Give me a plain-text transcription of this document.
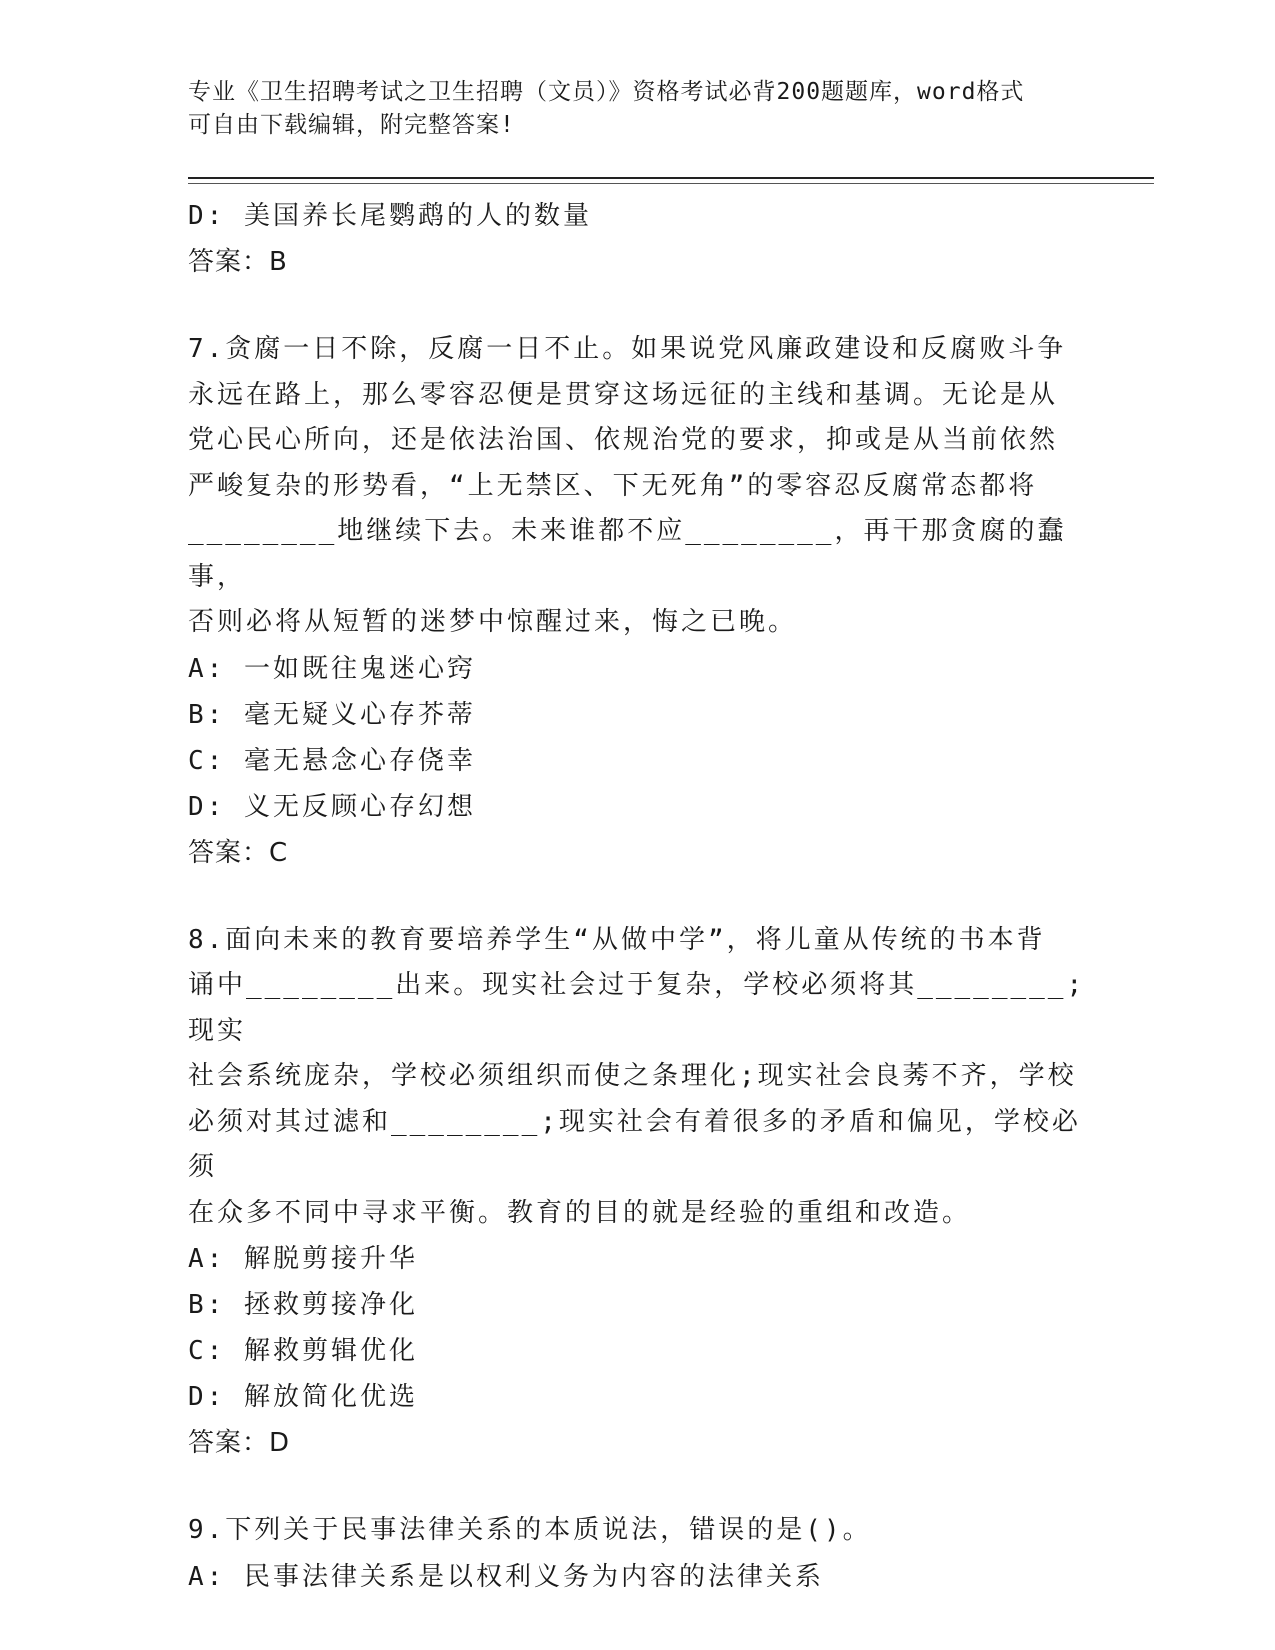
专业《卫生招聘考试之卫生招聘（文员）》资格考试必背200题题库，word格式
可自由下载编辑，附完整答案!
D: 美国养长尾鹦鹉的人的数量
答案：B
7.贪腐一日不除，反腐一日不止。如果说党风廉政建设和反腐败斗争
永远在路上，那么零容忍便是贯穿这场远征的主线和基调。无论是从
党心民心所向，还是依法治国、依规治党的要求，抑或是从当前依然
严峻复杂的形势看，“上无禁区、下无死角”的零容忍反腐常态都将
________地继续下去。未来谁都不应________，再干那贪腐的蠢事，
否则必将从短暂的迷梦中惊醒过来，悔之已晚。
A: 一如既往鬼迷心窍
B: 毫无疑义心存芥蒂
C: 毫无悬念心存侥幸
D: 义无反顾心存幻想
答案：C
8.面向未来的教育要培养学生“从做中学”，将儿童从传统的书本背
诵中________出来。现实社会过于复杂，学校必须将其________;现实
社会系统庞杂，学校必须组织而使之条理化;现实社会良莠不齐，学校
必须对其过滤和________;现实社会有着很多的矛盾和偏见，学校必须
在众多不同中寻求平衡。教育的目的就是经验的重组和改造。
A: 解脱剪接升华
B: 拯救剪接净化
C: 解救剪辑优化
D: 解放简化优选
答案：D
9.下列关于民事法律关系的本质说法，错误的是()。
A: 民事法律关系是以权利义务为内容的法律关系
